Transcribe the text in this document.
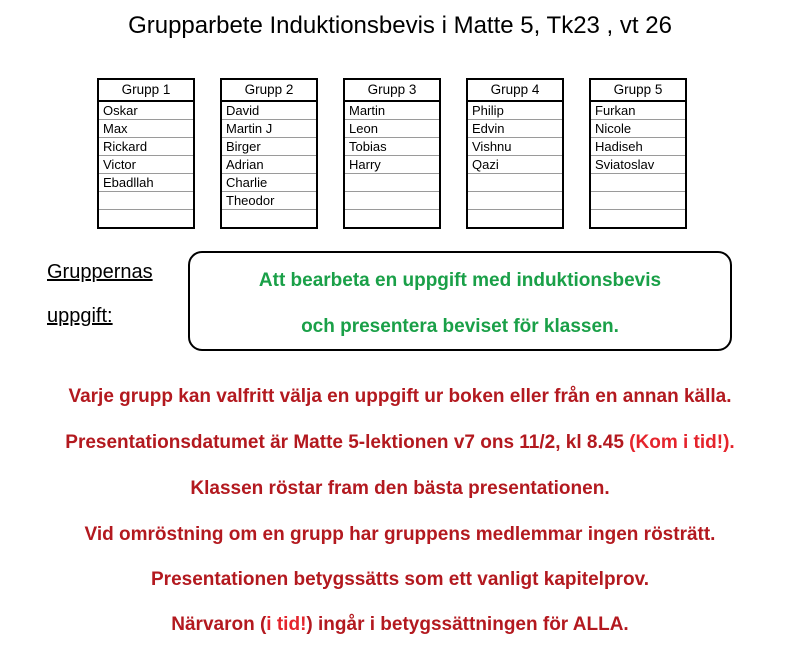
Grupparbete Induktionsbevis i Matte 5, Tk23 , vt 26
Grupp 1
Oskar
Max
Rickard
Victor
Ebadllah
Grupp 2
David
Martin J
Birger
Adrian
Charlie
Theodor
Grupp 3
Martin
Leon
Tobias
Harry
Grupp 4
Philip
Edvin
Vishnu
Qazi
Grupp 5
Furkan
Nicole
Hadiseh
Sviatoslav
Gruppernas
uppgift:
Att bearbeta en uppgift med induktionsbevis
och presentera beviset för klassen.
Varje grupp kan valfritt välja en uppgift ur boken eller från en annan källa.
Presentationsdatumet är Matte 5-lektionen v7 ons 11/2, kl 8.45 (Kom i tid!).
Klassen röstar fram den bästa presentationen.
Vid omröstning om en grupp har gruppens medlemmar ingen rösträtt.
Presentationen betygssätts som ett vanligt kapitelprov.
Närvaron (i tid!) ingår i betygssättningen för ALLA.
